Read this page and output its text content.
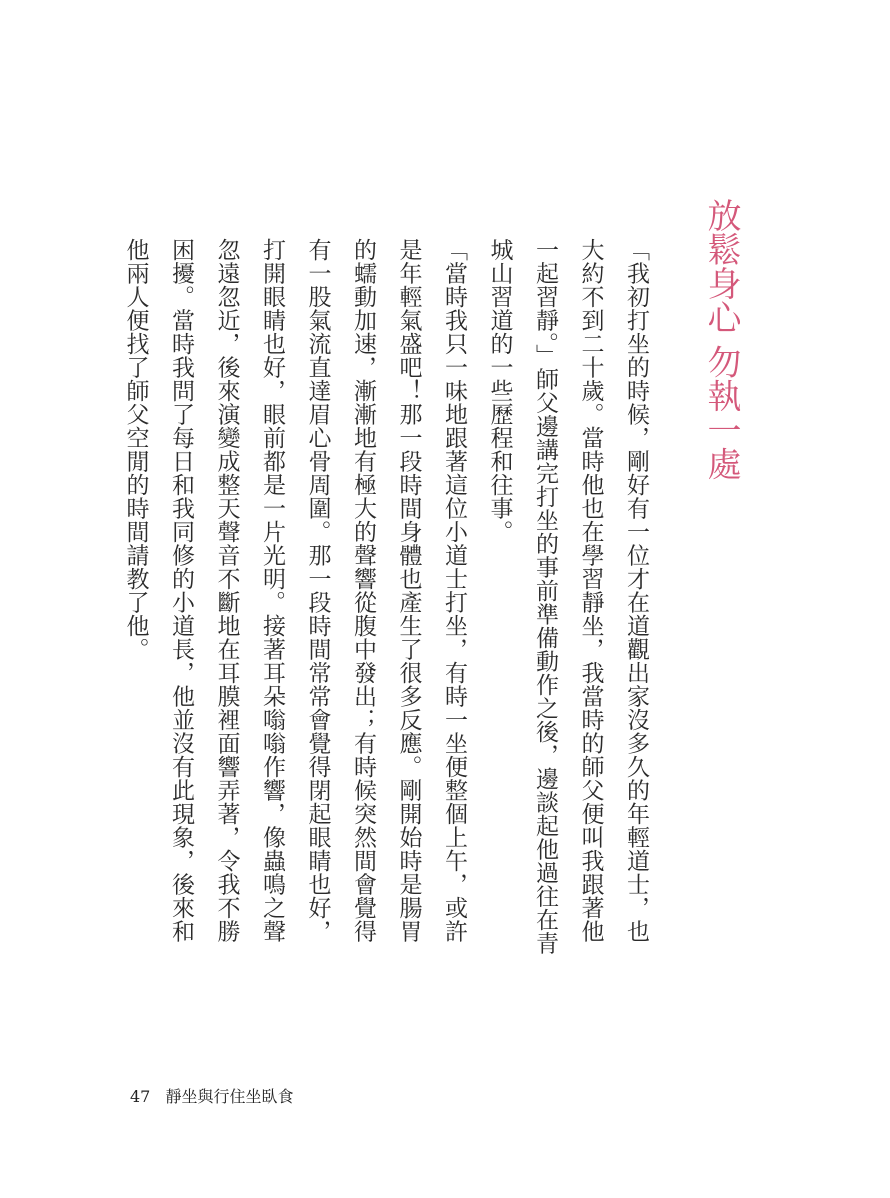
放鬆身心 勿執一處

「我初打坐的時候，剛好有一位才在道觀出家沒多久的年輕道士，也大約不到二十歲。當時他也在學習靜坐，我當時的師父便叫我跟著他一起習靜。」師父邊講完打坐的事前準備動作之後，邊談起他過往在青城山習道的一些歷程和往事。

「當時我只一味地跟著這位小道士打坐，有時一坐便整個上午，或許是年輕氣盛吧！那一段時間身體也產生了很多反應。剛開始時是腸胃的蠕動加速，漸漸地有極大的聲響從腹中發出；有時候突然間會覺得有一股氣流直達眉心骨周圍。那一段時間常常會覺得閉起眼睛也好，打開眼睛也好，眼前都是一片光明。接著耳朵嗡嗡作響，像蟲鳴之聲忽遠忽近，後來演變成整天聲音不斷地在耳膜裡面響弄著，令我不勝困擾。當時我問了每日和我同修的小道長，他並沒有此現象，後來和他兩人便找了師父空閒的時間請教了他。

47 靜坐與行住坐臥食
